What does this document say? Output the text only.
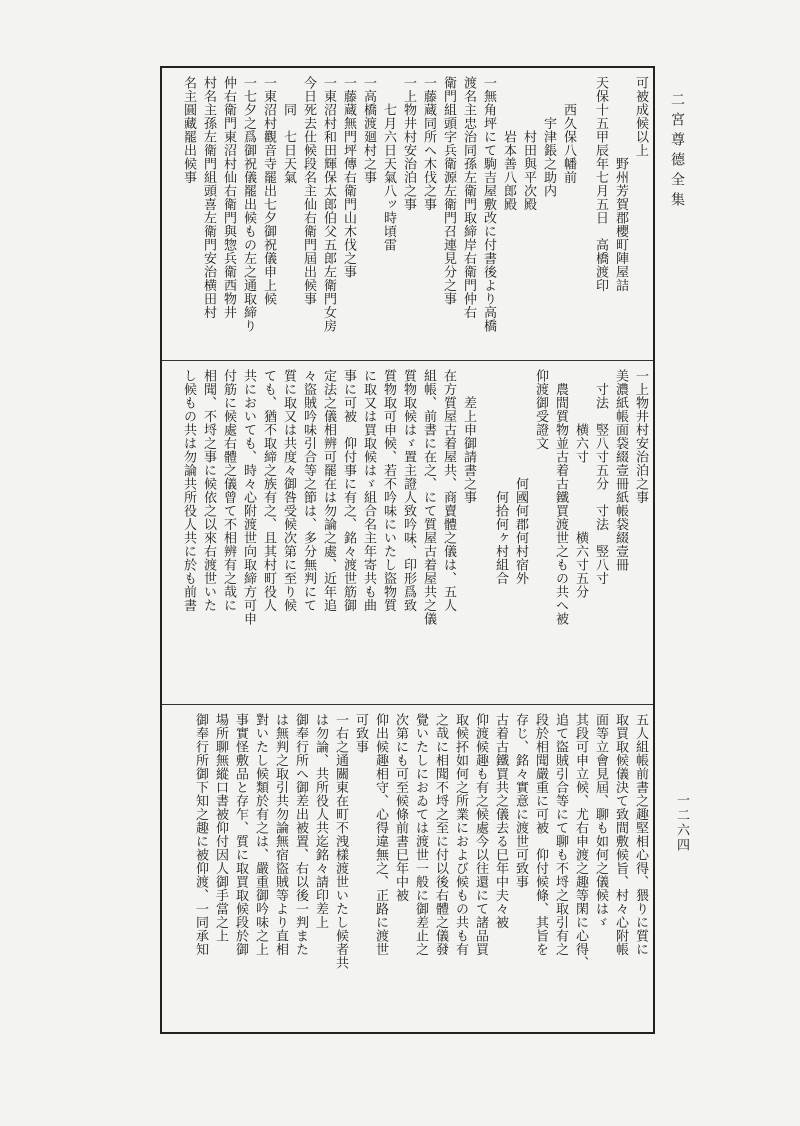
二宮尊德全集
一二六四
可被成候以上
　　　　　　野州芳賀郡櫻町陣屋詰
天保十五甲辰年七月五日　高橋渡印
　　西久保八幡前
　　　宇津鋹之助内
　　　　村田與平次殿
　　　　岩本善八郎殿
一無角坪にて駒吉屋敷改に付書後より高橋
渡名主忠治同孫左衛門取締岸右衛門仲右
衛門組頭字兵衛源左衛門召連見分之事
一藤蔵同所へ木伐之事
一上物井村安治泊之事
　　七月六日天氣八ッ時頃雷
一高橋渡廻村之事
一藤蔵無門坪傳右衛門山木伐之事
一東沼村和田輝保太郎伯父五郎左衛門女房
今日死去仕候段名主仙右衛門屆出候事
　　同　七日天氣
一東沼村觀音寺罷出七夕御祝儀申上候
一七夕之爲御祝儀罷出候もの左之通取締り
仲右衛門東沼村仙右衛門與惣兵衛西物井
村名主孫左衛門組頭喜左衛門安治横田村
名主圓藏罷出候事
一上物井村安治泊之事
美濃紙帳面袋綴壹冊紙帳袋綴壹冊
　寸法　竪八寸五分　寸法　竪八寸
　　　　横六寸　　　　　横六寸五分
　農間質物並古着古鐵買渡世之もの共へ被
仰渡御受證文
　　　　　　　　何國何郡何村宿外
　　　　　　　　　何拾何ヶ村組合
　　差上申御請書之事
在方質屋古着屋共、商賣體之儀は、五人
組帳、前書に在之、にて質屋古着屋共之儀
質物取候はゞ置主證人致吟味、印形爲致
質物取可申候、若不吟味にいたし盜物質
に取又は買取候はゞ組合名主年寄共も曲
事に可被　仰付事に有之、銘々渡世筋御
定法之儀相辨可罷在は勿論之處、近年追
々盜賊吟味引合等之節は、多分無判にて
質に取又は共度々御咎受候次第に至り候
ても、猶不取締之族有之、且其村町役人
共においても、時々心附渡世向取締方可申
付筋に候處右體之儀曾て不相辨有之哉に
相聞、不埒之事に候依之以來右渡世いた
し候もの共は勿論共所役人共に於も前書
五人組帳前書之趣堅相心得、猥りに質に
取買取候儀決て致間敷候旨、村々心附帳
面等立會見屆、聊も如何之儀候はゞ
其段可申立候、尤右申渡之趣等閑に心得、
追て盜賊引合等にて聊も不埒之取引有之
段於相聞嚴重に可被　仰付候條、其旨を
存じ、銘々實意に渡世可致事
古着古鐵買共之儀去る巳年中夫々被
仰渡候趣も有之候處今以往還にて諸品買
取候抔如何之所業におよび候もの共も有
之哉に相聞不埒之至に付以後右體之儀發
覺いたしにおゐては渡世一般に御差止之
次第にも可至候條前書巳年中被
仰出候趣相守、心得違無之、正路に渡世
可致事
一右之通關東在町不洩樣渡世いたし候者共
は勿論、共所役人共迄銘々請印差上
御奉行所へ御差出被置、右以後一判また
は無判之取引共勿論無宿盜賊等より直相
對いたし候類於有之は、嚴重御吟味之上
事實怪敷品と存乍、質に取買取候段於御
場所聊無縱口書被仰付因人御手當之上
御奉行所御下知之趣に被仰渡、一同承知
